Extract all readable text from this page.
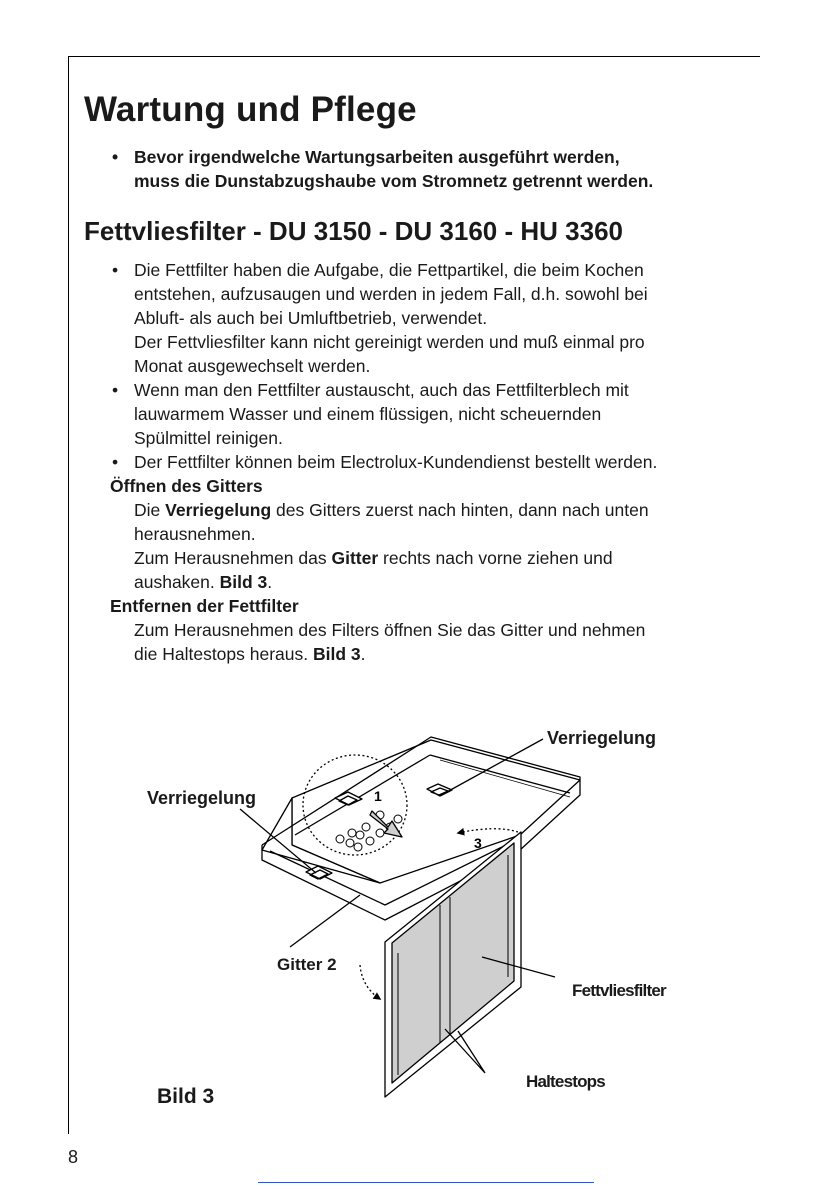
Wartung und Pflege

• Bevor irgendwelche Wartungsarbeiten ausgeführt werden,

muss die Dunstabzugshaube vom Stromnetz getrennt werden.

Fettvliesfilter - DU 3150 - DU 3160 - HU 3360

• Die Fettfilter haben die Aufgabe, die Fettpartikel, die beim Kochen

entstehen, aufzusaugen und werden in jedem Fall, d.h. sowohl bei

Abluft- als auch bei Umluftbetrieb, verwendet.

Der Fettvliesfilter kann nicht gereinigt werden und muß einmal pro

Monat ausgewechselt werden.

• Wenn man den Fettfilter austauscht, auch das Fettfilterblech mit

lauwarmem Wasser und einem flüssigen, nicht scheuernden

Spülmittel reinigen.

• Der Fettfilter können beim Electrolux-Kundendienst bestellt werden.

Öffnen des Gitters
Die Verriegelung des Gitters zuerst nach hinten, dann nach unten
herausnehmen.
Zum Herausnehmen das Gitter rechts nach vorne ziehen und
aushaken. Bild 3.
Entfernen der Fettfilter
Zum Herausnehmen des Filters öffnen Sie das Gitter und nehmen
die Haltestops heraus. Bild 3.
1
3
Verriegelung
Verriegelung
Gitter 2
Fettvliesfilter
Haltestops
Bild 3
8
